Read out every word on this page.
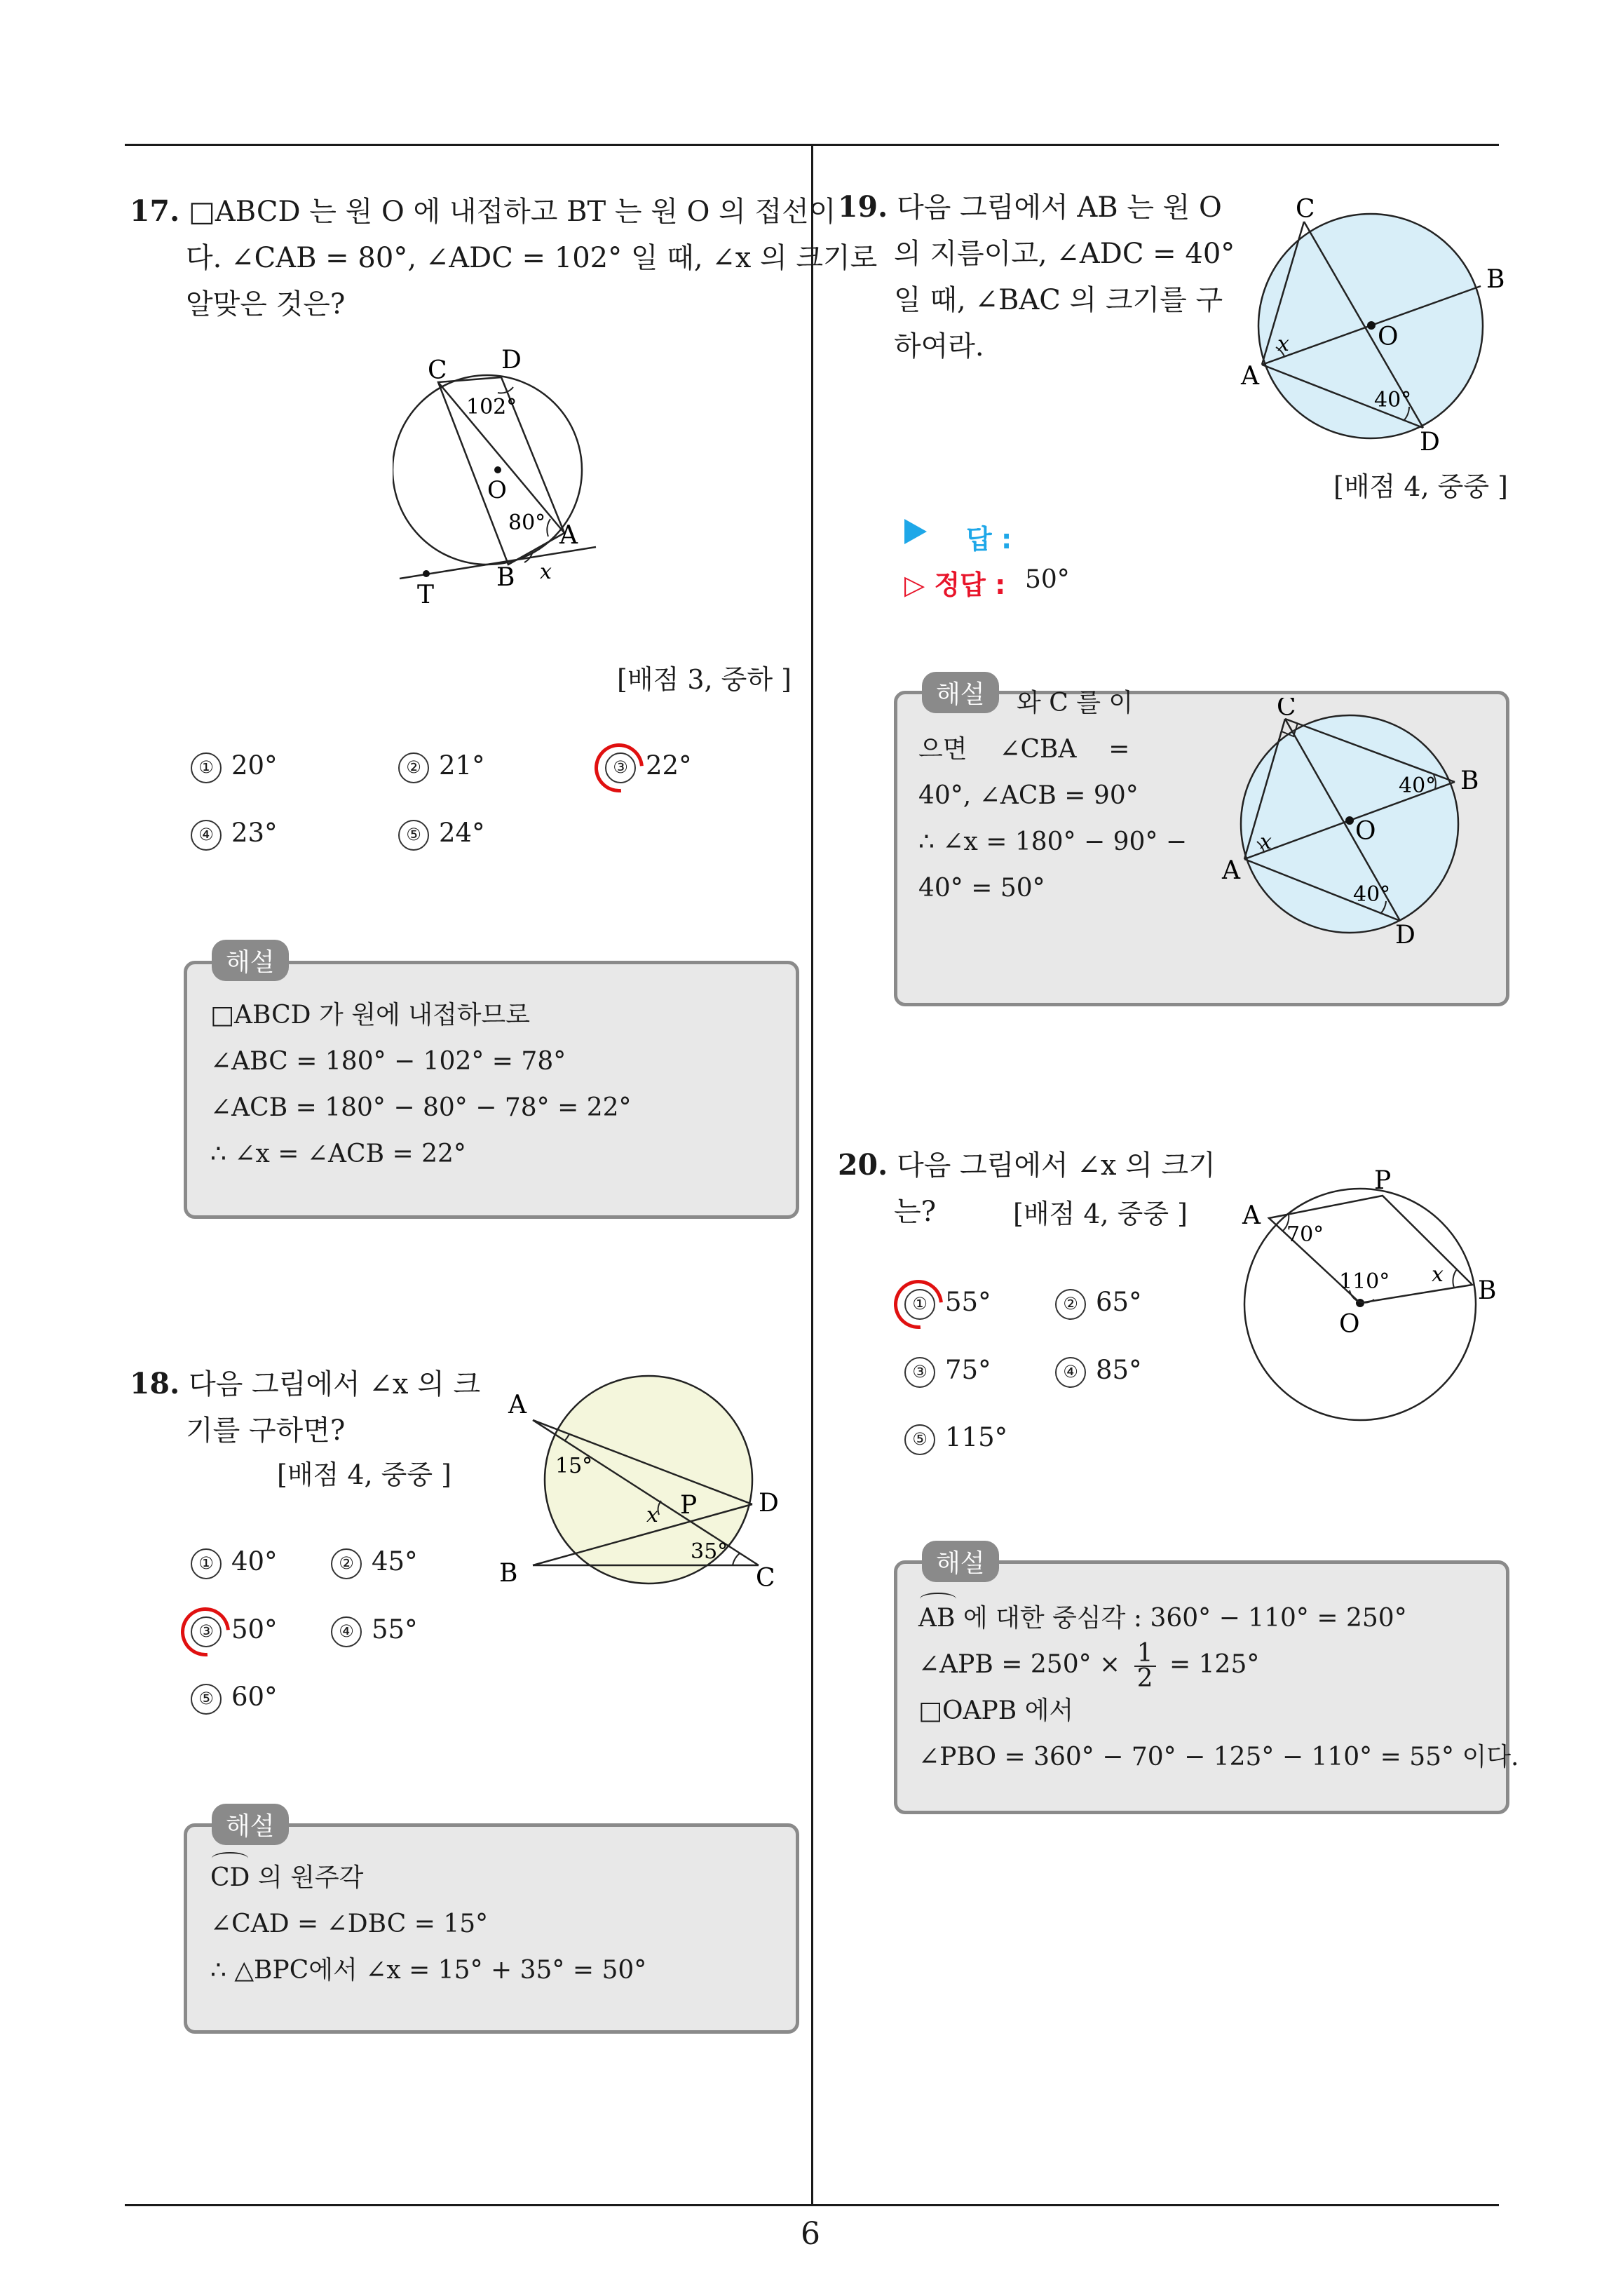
6
17. □ABCD 는 원 O 에 내접하고 BT 는 원 O 의 접선이
다. ∠CAB = 80°, ∠ADC = 102° 일 때, ∠x 의 크기로
알맞은 것은?
C D
102°
O
80° A
B x
T
[배점 3, 중하 ]
① 20°	② 21°	③ 22°
④ 23°	⑤ 24°
해설
□ABCD 가 원에 내접하므로
∠ABC = 180° − 102° = 78°
∠ACB = 180° − 80° − 78° = 22°
∴ ∠x = ∠ACB = 22°
18. 다음 그림에서 ∠x 의 크
기를 구하면?
[배점 4, 중중 ]
A
15°
x P D
35°
B	C
① 40°	② 45°
③ 50°	④ 55°
⑤ 60°
해설
CD 의 원주각
∠CAD = ∠DBC = 15°
∴ △BPC에서 ∠x = 15° + 35° = 50°
19. 다음 그림에서 AB 는 원 O
의 지름이고, ∠ADC = 40°
일 때, ∠BAC 의 크기를 구
하여라.
C
B
x	O
A
40°
D
[배점 4, 중중 ]
답 :
▷ 정답 : 50°
해설	와 C 를 이
으면    ∠CBA    =
40°, ∠ACB = 90°
∴ ∠x = 180° − 90° −
40° = 50°
C
40° B
x	O
A
40°
D
20. 다음 그림에서 ∠x 의 크기
는?	[배점 4, 중중 ]
P
A
70°
110° x
B
O
① 55°	② 65°
③ 75°	④ 85°
⑤ 115°
해설
AB 에 대한 중심각 : 360° − 110° = 250°
∠APB = $250^\circ \times \frac{1}{2} = 125^\circ$
□OAPB 에서
∠PBO = 360° − 70° − 125° − 110° = 55° 이다.
